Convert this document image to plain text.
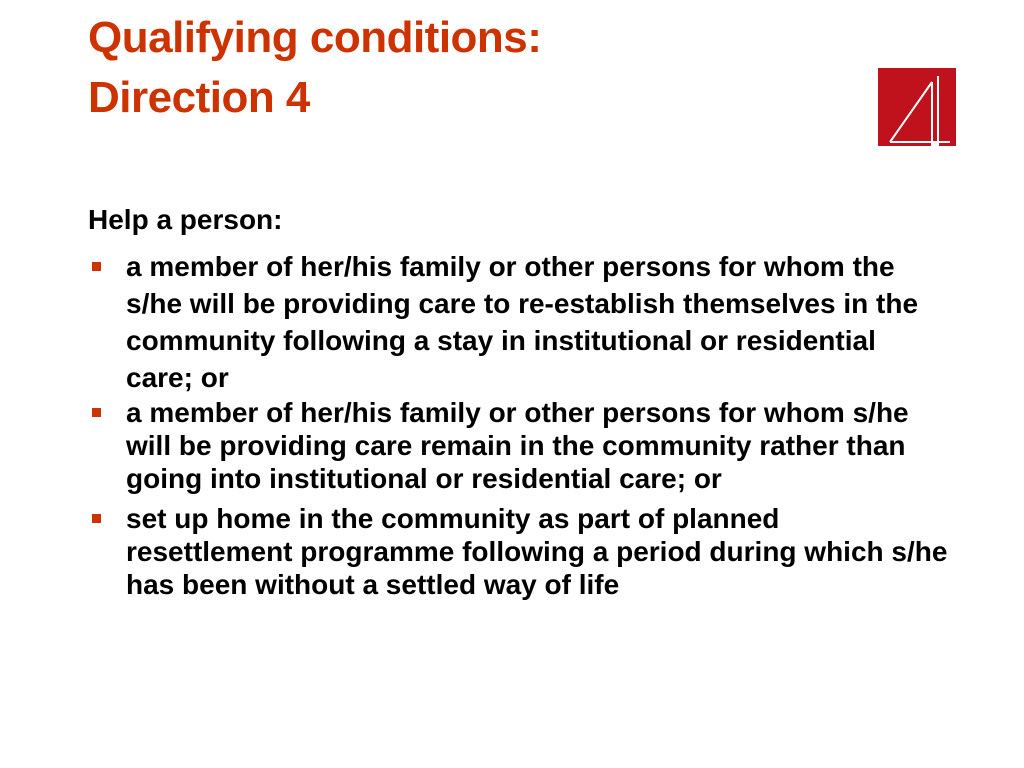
Qualifying conditions:
Direction 4
Help a person:
a member of her/his family or other persons for whom the s/he will be providing care to re-establish themselves in the community following a stay in institutional or residential care; or
a member of her/his family or other persons for whom s/he will be providing care remain in the community rather than going into institutional or residential care; or
set up home in the community as part of planned resettlement programme following a period during which s/he has been without a settled way of life
